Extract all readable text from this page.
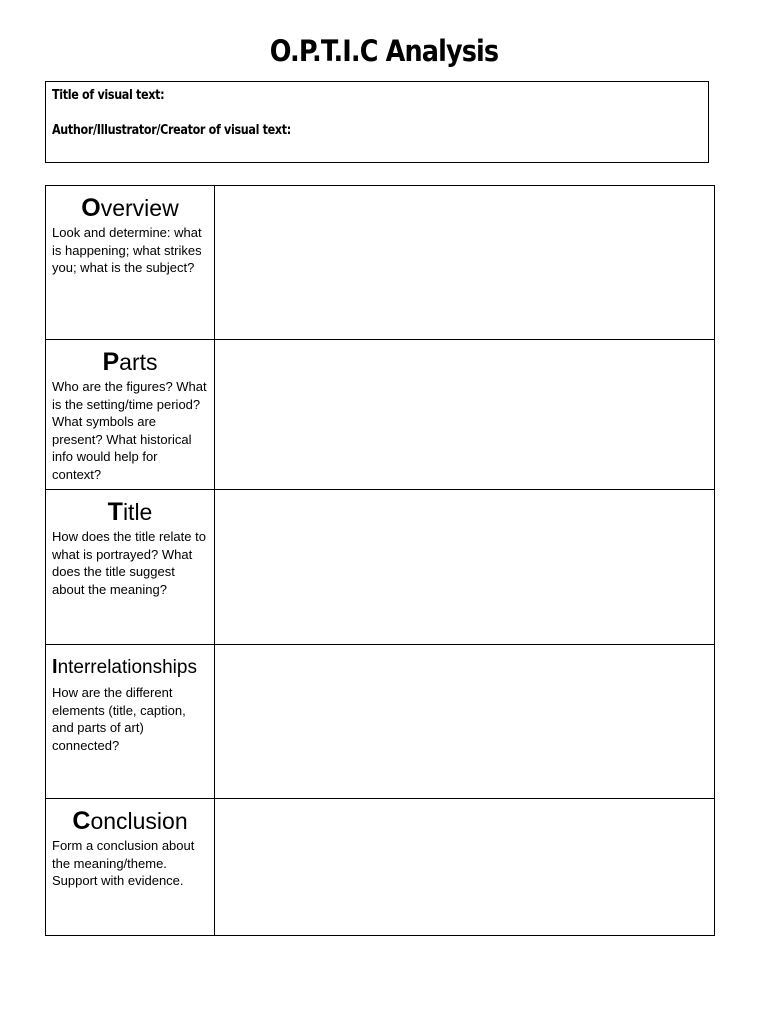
O.P.T.I.C Analysis
Title of visual text:
Author/Illustrator/Creator of visual text:
Overview
Look and determine: what is happening; what strikes you; what is the subject?	

Parts
Who are the figures? What is the setting/time period? What symbols are present? What historical info would help for context?	

Title
How does the title relate to what is portrayed? What does the title suggest about the meaning?	

Interrelationships
How are the different elements (title, caption, and parts of art) connected?	

Conclusion
Form a conclusion about the meaning/theme. Support with evidence.	
